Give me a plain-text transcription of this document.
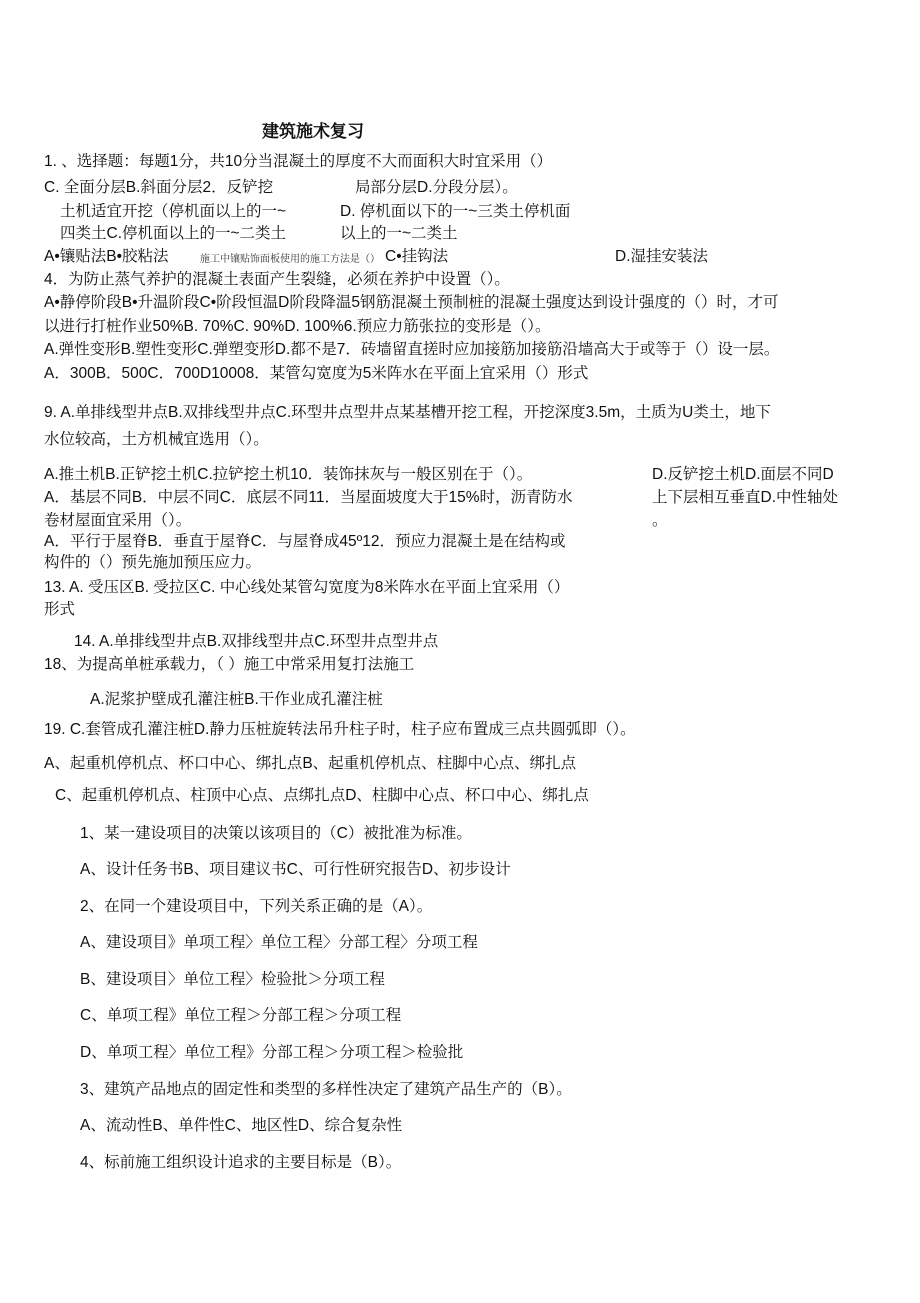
建筑施术复习
1. 、选择题：每题1分，共10分当混凝土的厚度不大而面积大时宜采用（）
C. 全面分层B.斜面分层2．反铲挖	局部分层D.分段分层）。
土机适宜开挖（停机面以上的一~	D. 停机面以下的一~三类土停机面
四类土C.停机面以上的一~二类土	以上的一~二类土
A•镶贴法B•胶粘法	C•挂钩法	D.湿挂安装法
施工中镶贴饰面板使用的施工方法是（）
4．为防止蒸气养护的混凝土表面产生裂缝，必须在养护中设置（）。
A•静停阶段B•升温阶段C•阶段恒温D阶段降温5钢筋混凝土预制桩的混凝土强度达到设计强度的（）时，才可
以进行打桩作业50%B. 70%C. 90%D. 100%6.预应力筋张拉的变形是（）。
A.弹性变形B.塑性变形C.弹塑变形D.都不是7．砖墙留直搓时应加接筋加接筋沿墙高大于或等于（）设一层。
A．300B．500C．700D10008．某管勾宽度为5米阵水在平面上宜采用（）形式
9. A.单排线型井点B.双排线型井点C.环型井点型井点某基槽开挖工程，开挖深度3.5m，土质为U类土，地下
水位较高，土方机械宜选用（）。
A.推土机B.正铲挖土机C.拉铲挖土机10．装饰抹灰与一般区别在于（）。	D.反铲挖土机D.面层不同D
A．基层不同B．中层不同C．底层不同11．当屋面坡度大于15%时，沥青防水	上下层相互垂直D.中性轴处
卷材屋面宜采用（）。	。
A．平行于屋脊B．垂直于屋脊C．与屋脊成45º12．预应力混凝土是在结构或
构件的（）预先施加预压应力。
13. A. 受压区B. 受拉区C. 中心线处某管勾宽度为8米阵水在平面上宜采用（）
形式
14. A.单排线型井点B.双排线型井点C.环型井点型井点
18、为提高单桩承载力，（ ）施工中常采用复打法施工
A.泥浆护壁成孔灌注桩B.干作业成孔灌注桩
19. C.套管成孔灌注桩D.静力压桩旋转法吊升柱子时，柱子应布置成三点共圆弧即（）。
A、起重机停机点、杯口中心、绑扎点B、起重机停机点、柱脚中心点、绑扎点
C、起重机停机点、柱顶中心点、点绑扎点D、柱脚中心点、杯口中心、绑扎点
1、某一建设项目的决策以该项目的（C）被批准为标准。
A、设计任务书B、项目建议书C、可行性研究报告D、初步设计
2、在同一个建设项目中，下列关系正确的是（A）。
A、建设项目》单项工程〉单位工程〉分部工程〉分项工程
B、建设项目〉单位工程〉检验批＞分项工程
C、单项工程》单位工程＞分部工程＞分项工程
D、单项工程〉单位工程》分部工程＞分项工程＞检验批
3、建筑产品地点的固定性和类型的多样性决定了建筑产品生产的（B）。
A、流动性B、单件性C、地区性D、综合复杂性
4、标前施工组织设计追求的主要目标是（B）。
